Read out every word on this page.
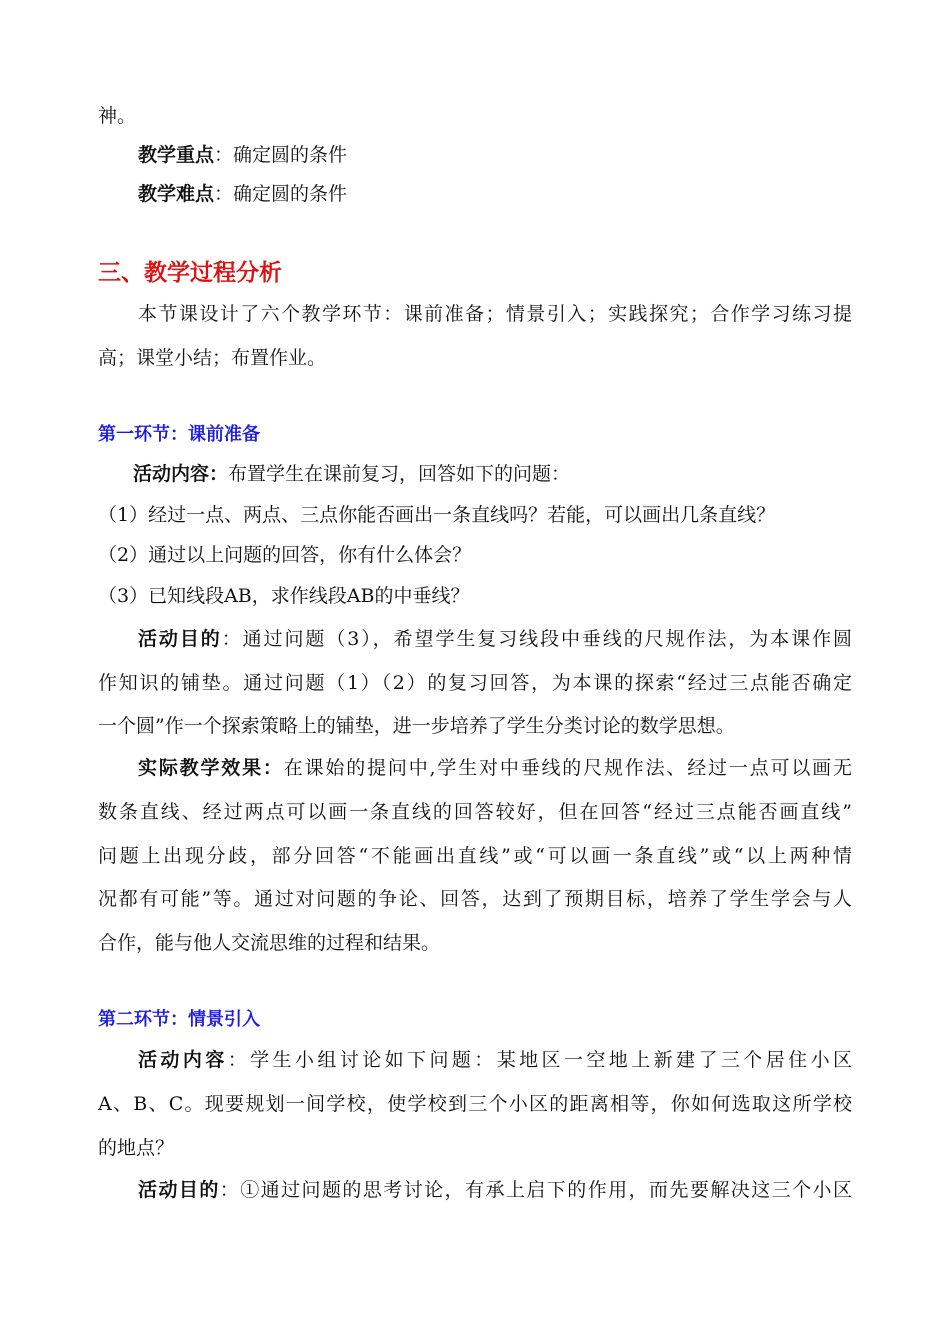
神。
教学重点：确定圆的条件
教学难点：确定圆的条件
三、教学过程分析
本节课设计了六个教学环节：课前准备；情景引入；实践探究；合作学习练习提
高；课堂小结；布置作业。
第一环节：课前准备
活动内容：布置学生在课前复习，回答如下的问题：
（1）经过一点、两点、三点你能否画出一条直线吗？若能，可以画出几条直线？
（2）通过以上问题的回答，你有什么体会？
（3）已知线段AB，求作线段AB的中垂线？
活动目的：通过问题（3），希望学生复习线段中垂线的尺规作法，为本课作圆
作知识的铺垫。通过问题（1）（2）的复习回答，为本课的探索“经过三点能否确定
一个圆”作一个探索策略上的铺垫，进一步培养了学生分类讨论的数学思想。
实际教学效果：在课始的提问中,学生对中垂线的尺规作法、经过一点可以画无
数条直线、经过两点可以画一条直线的回答较好，但在回答“经过三点能否画直线”
问题上出现分歧，部分回答“不能画出直线”或“可以画一条直线”或“以上两种情
况都有可能”等。通过对问题的争论、回答，达到了预期目标，培养了学生学会与人
合作，能与他人交流思维的过程和结果。
第二环节：情景引入
活动内容：学生小组讨论如下问题：某地区一空地上新建了三个居住小区
A、B、C。现要规划一间学校，使学校到三个小区的距离相等，你如何选取这所学校
的地点？
活动目的：①通过问题的思考讨论，有承上启下的作用，而先要解决这三个小区
